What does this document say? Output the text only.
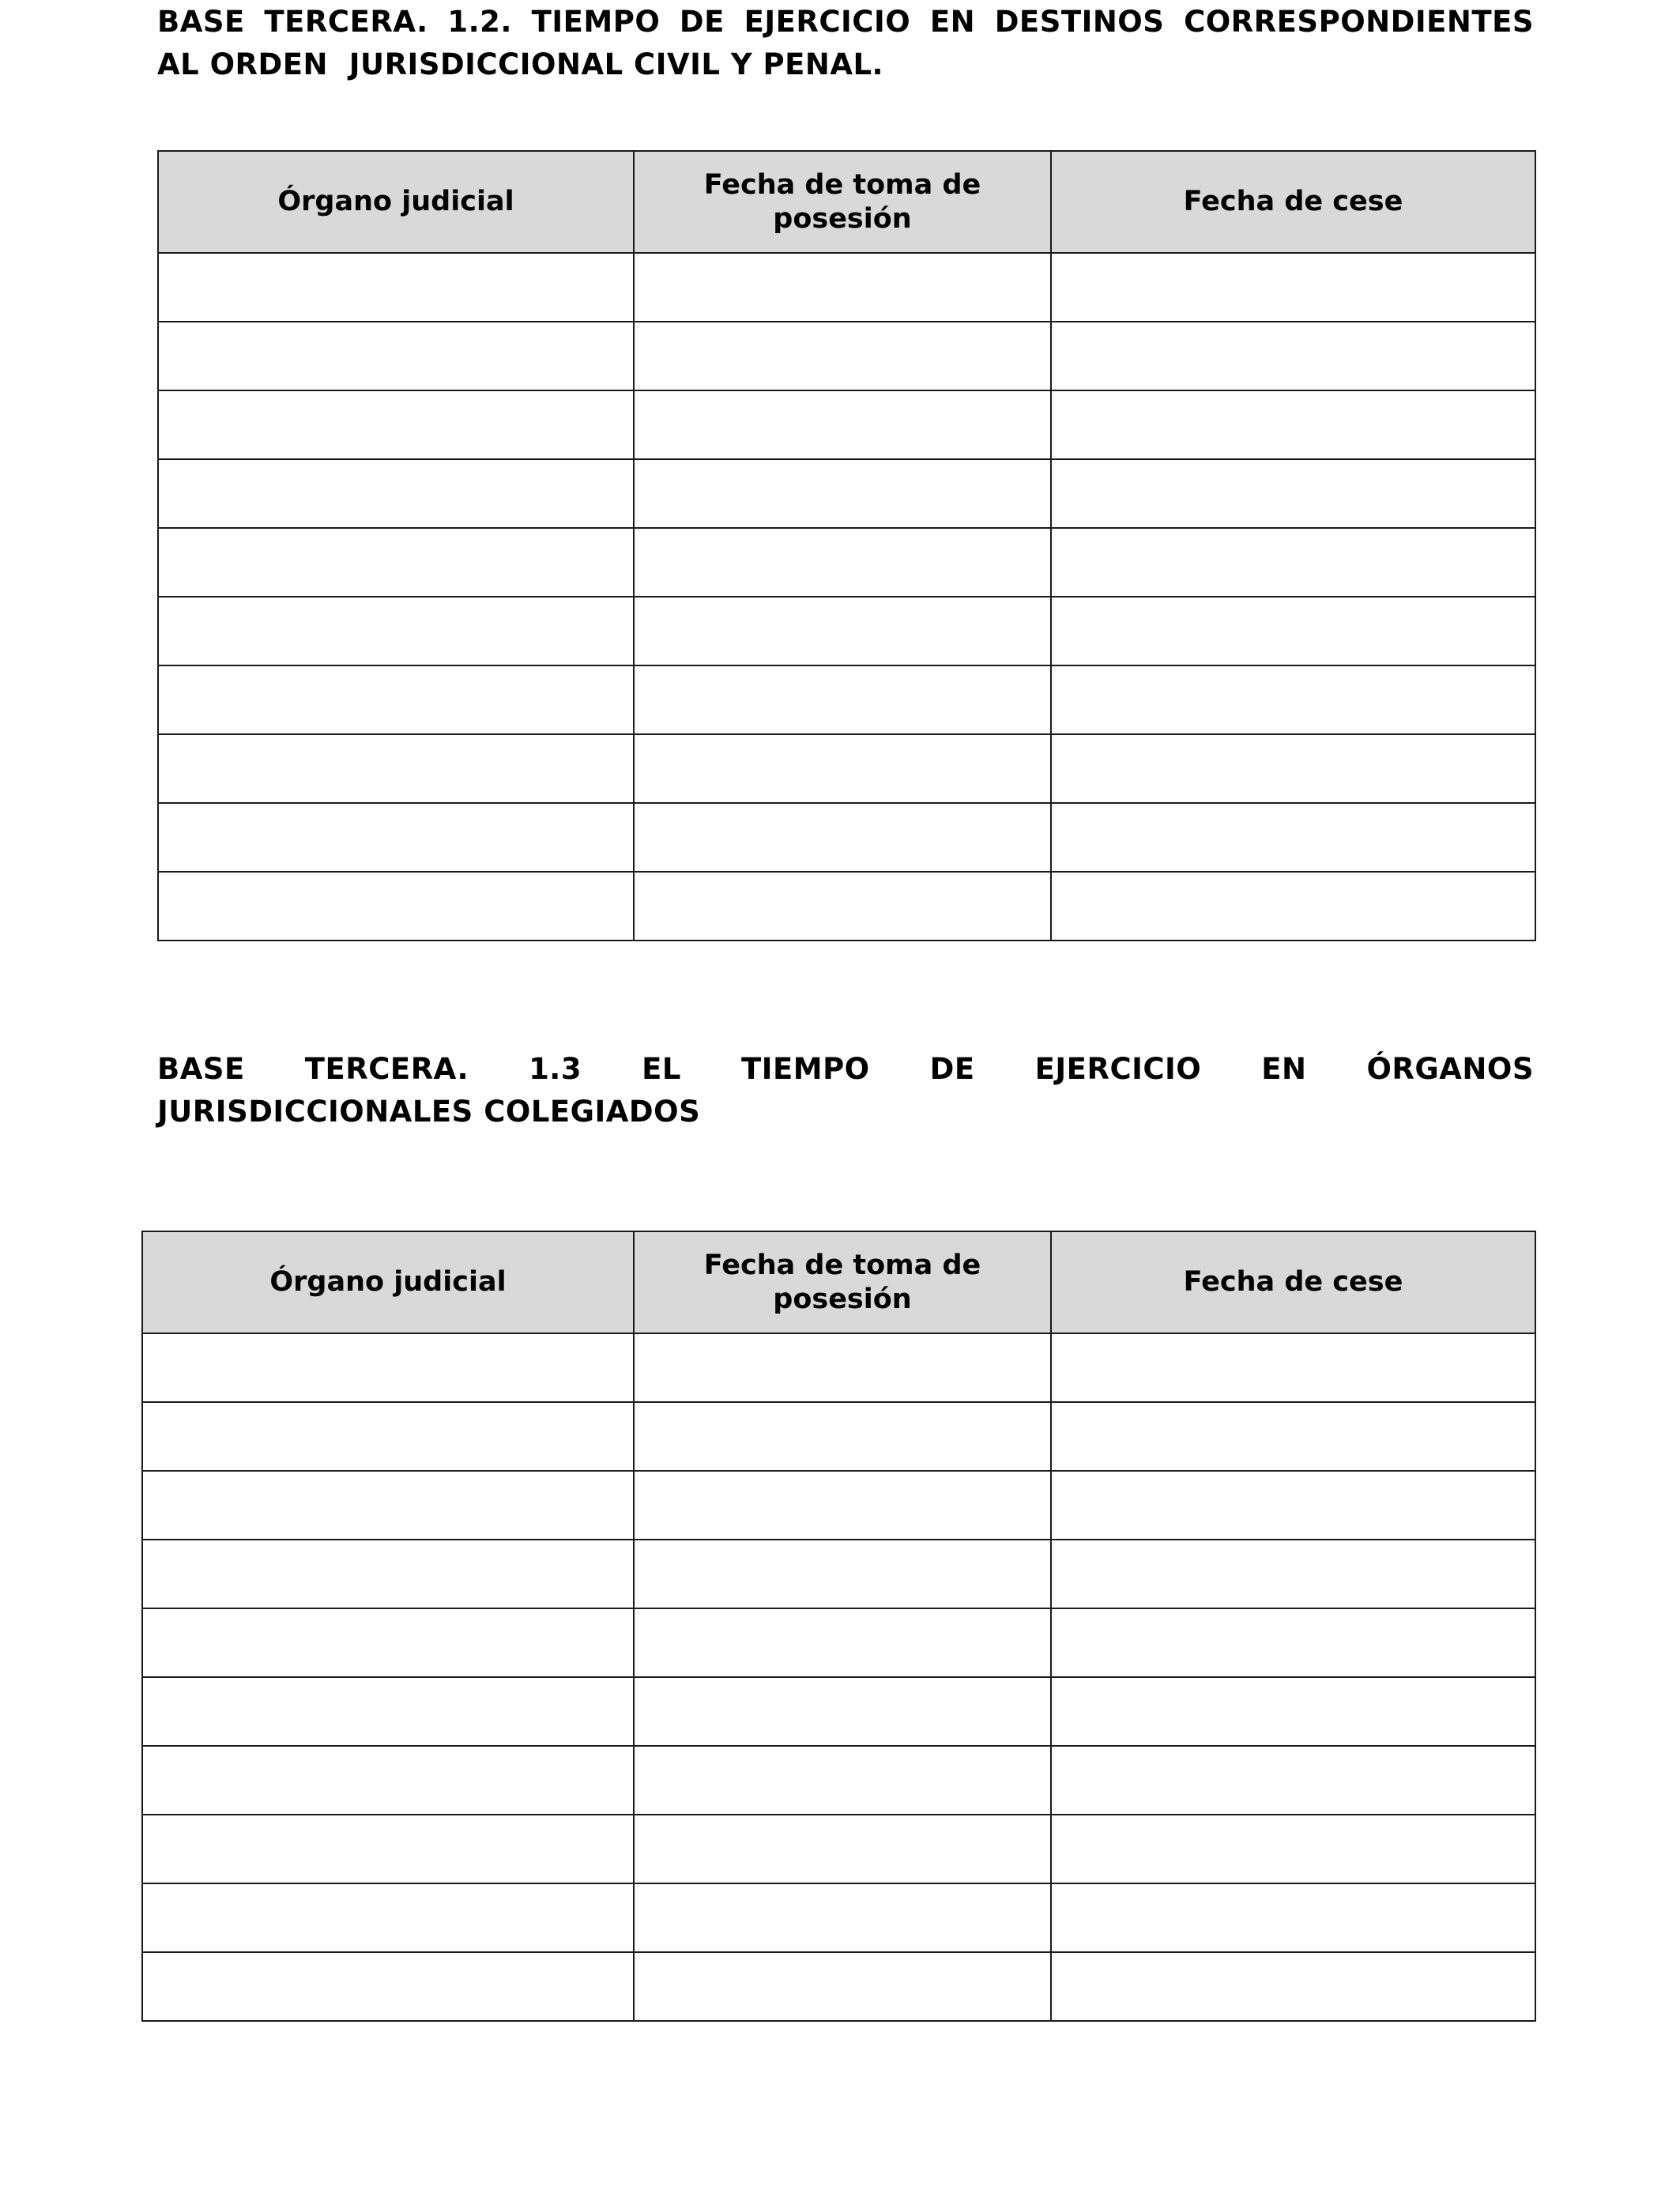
BASE TERCERA. 1.2. TIEMPO DE EJERCICIO EN DESTINOS CORRESPONDIENTES
AL ORDEN  JURISDICCIONAL CIVIL Y PENAL.
Órgano judicial	Fecha de toma de posesión	Fecha de cese

BASE TERCERA. 1.3 EL TIEMPO DE EJERCICIO EN ÓRGANOS
JURISDICCIONALES COLEGIADOS
Órgano judicial	Fecha de toma de posesión	Fecha de cese
